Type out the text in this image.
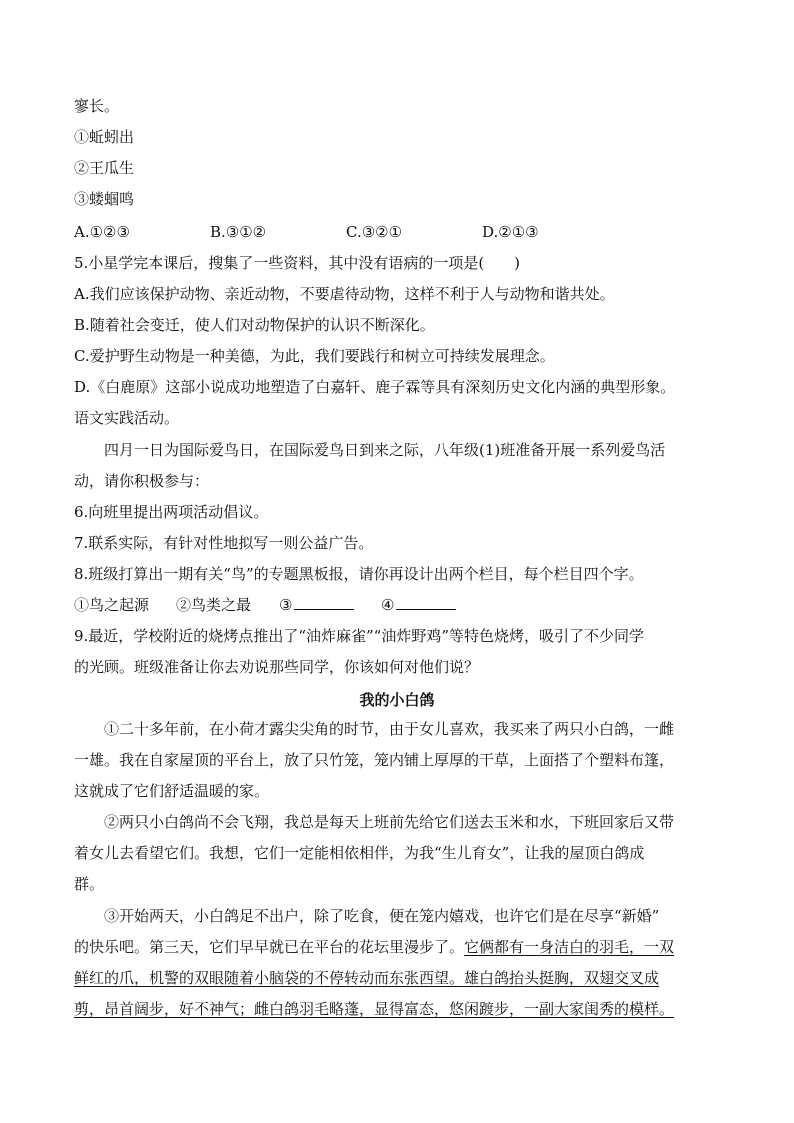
寥长。
①蚯蚓出
②王瓜生
③蝼蝈鸣
A.①②③	B.③①②	C.③②①	D.②①③
5.小星学完本课后，搜集了一些资料，其中没有语病的一项是(　　)
A.我们应该保护动物、亲近动物，不要虐待动物，这样不利于人与动物和谐共处。
B.随着社会变迁，使人们对动物保护的认识不断深化。
C.爱护野生动物是一种美德，为此，我们要践行和树立可持续发展理念。
D.《白鹿原》这部小说成功地塑造了白嘉轩、鹿子霖等具有深刻历史文化内涵的典型形象。
语文实践活动。
四月一日为国际爱鸟日，在国际爱鸟日到来之际，八年级(1)班准备开展一系列爱鸟活
动，请你积极参与：
6.向班里提出两项活动倡议。
7.联系实际，有针对性地拟写一则公益广告。
8.班级打算出一期有关“鸟”的专题黑板报，请你再设计出两个栏目，每个栏目四个字。
①鸟之起源 ②鸟类之最 ③	④
9.最近，学校附近的烧烤点推出了“油炸麻雀”“油炸野鸡”等特色烧烤，吸引了不少同学
的光顾。班级准备让你去劝说那些同学，你该如何对他们说？
我的小白鸽
①二十多年前，在小荷才露尖尖角的时节，由于女儿喜欢，我买来了两只小白鸽，一雌
一雄。我在自家屋顶的平台上，放了只竹笼，笼内铺上厚厚的干草，上面搭了个塑料布篷，
这就成了它们舒适温暖的家。
②两只小白鸽尚不会飞翔，我总是每天上班前先给它们送去玉米和水，下班回家后又带
着女儿去看望它们。我想，它们一定能相依相伴，为我“生儿育女”，让我的屋顶白鸽成
群。
③开始两天，小白鸽足不出户，除了吃食，便在笼内嬉戏，也许它们是在尽享“新婚”
的快乐吧。第三天，它们早早就已在平台的花坛里漫步了。它俩都有一身洁白的羽毛，一双
鲜红的爪，机警的双眼随着小脑袋的不停转动而东张西望。雄白鸽抬头挺胸，双翅交叉成
剪，昂首阔步，好不神气；雌白鸽羽毛略蓬，显得富态，悠闲踱步，一副大家闺秀的模样。
